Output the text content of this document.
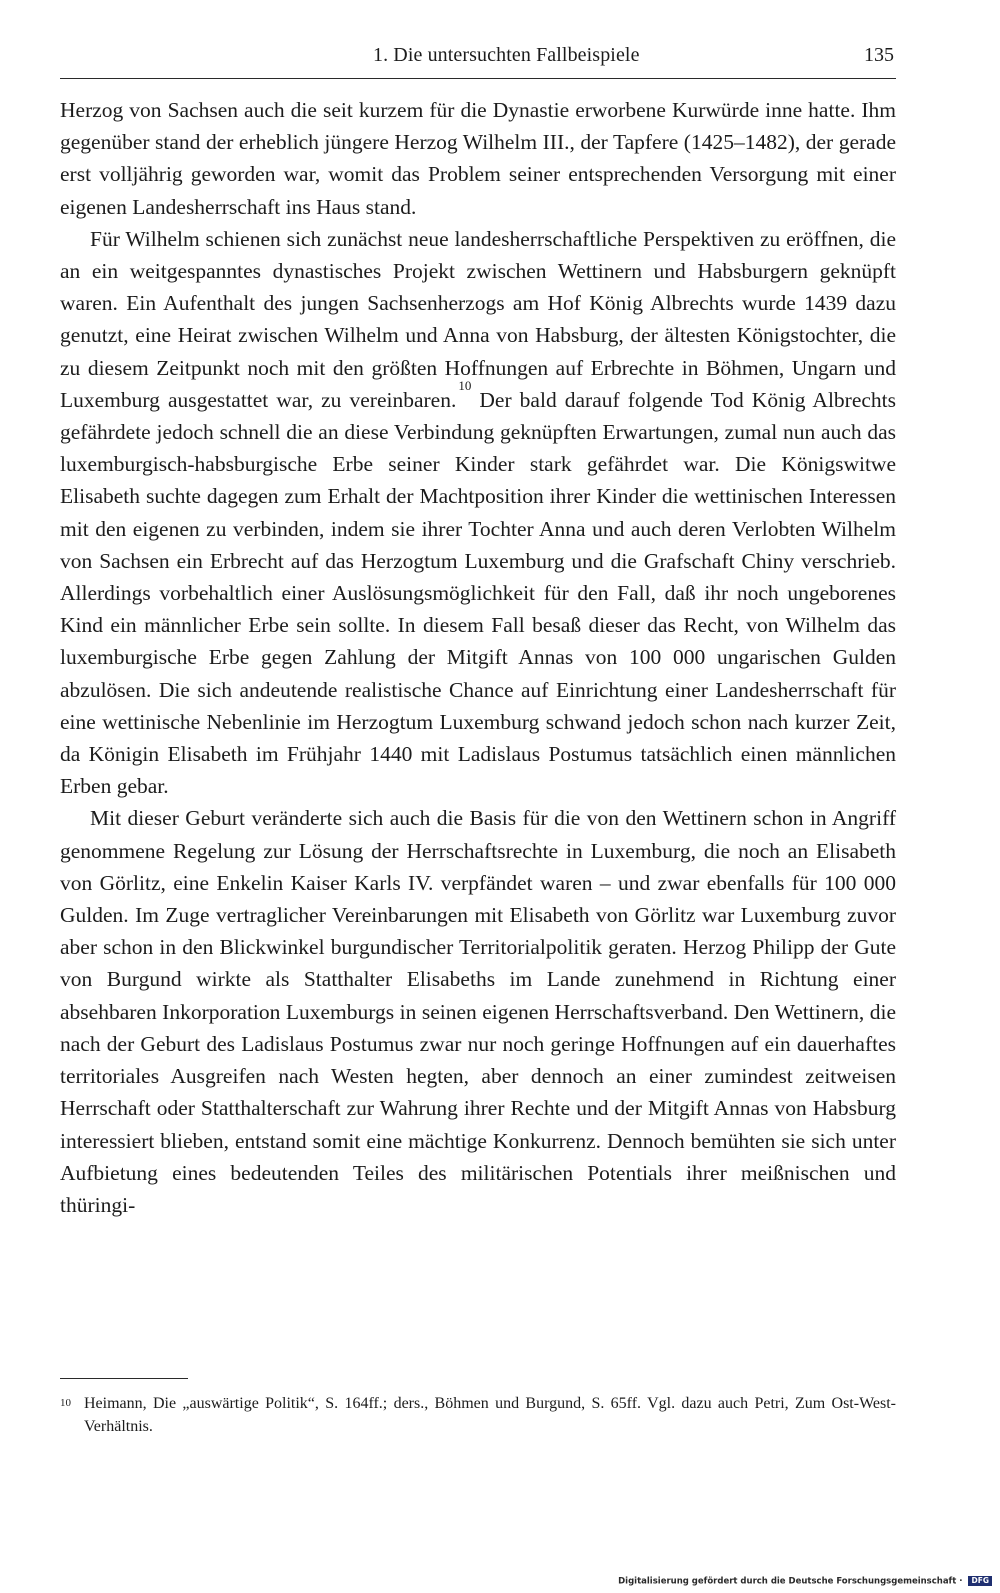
1. Die untersuchten Fallbeispiele	135

Herzog von Sachsen auch die seit kurzem für die Dynastie erworbene Kurwürde inne hatte. Ihm gegenüber stand der erheblich jüngere Herzog Wilhelm III., der Tapfere (1425–1482), der gerade erst volljährig geworden war, womit das Problem seiner entsprechenden Versorgung mit einer eigenen Landesherrschaft ins Haus stand.

Für Wilhelm schienen sich zunächst neue landesherrschaftliche Perspektiven zu eröffnen, die an ein weitgespanntes dynastisches Projekt zwischen Wettinern und Habsburgern geknüpft waren. Ein Aufenthalt des jungen Sachsenherzogs am Hof König Albrechts wurde 1439 dazu genutzt, eine Heirat zwischen Wilhelm und Anna von Habsburg, der ältesten Königstochter, die zu diesem Zeitpunkt noch mit den größten Hoffnungen auf Erbrechte in Böhmen, Ungarn und Luxemburg ausgestattet war, zu vereinbaren.$^{10}$ Der bald darauf folgende Tod König Albrechts gefährdete jedoch schnell die an diese Verbindung geknüpften Erwartungen, zumal nun auch das luxemburgisch-habsburgische Erbe seiner Kinder stark gefährdet war. Die Königswitwe Elisabeth suchte dagegen zum Erhalt der Machtposition ihrer Kinder die wettinischen Interessen mit den eigenen zu verbinden, indem sie ihrer Tochter Anna und auch deren Verlobten Wilhelm von Sachsen ein Erbrecht auf das Herzogtum Luxemburg und die Grafschaft Chiny verschrieb. Allerdings vorbehaltlich einer Auslösungsmöglichkeit für den Fall, daß ihr noch ungeborenes Kind ein männlicher Erbe sein sollte. In diesem Fall besaß dieser das Recht, von Wilhelm das luxemburgische Erbe gegen Zahlung der Mitgift Annas von 100 000 ungarischen Gulden abzulösen. Die sich andeutende realistische Chance auf Einrichtung einer Landesherrschaft für eine wettinische Nebenlinie im Herzogtum Luxemburg schwand jedoch schon nach kurzer Zeit, da Königin Elisabeth im Frühjahr 1440 mit Ladislaus Postumus tatsächlich einen männlichen Erben gebar.

Mit dieser Geburt veränderte sich auch die Basis für die von den Wettinern schon in Angriff genommene Regelung zur Lösung der Herrschaftsrechte in Luxemburg, die noch an Elisabeth von Görlitz, eine Enkelin Kaiser Karls IV. verpfändet waren – und zwar ebenfalls für 100 000 Gulden. Im Zuge vertraglicher Vereinbarungen mit Elisabeth von Görlitz war Luxemburg zuvor aber schon in den Blickwinkel burgundischer Territorialpolitik geraten. Herzog Philipp der Gute von Burgund wirkte als Statthalter Elisabeths im Lande zunehmend in Richtung einer absehbaren Inkorporation Luxemburgs in seinen eigenen Herrschaftsverband. Den Wettinern, die nach der Geburt des Ladislaus Postumus zwar nur noch geringe Hoffnungen auf ein dauerhaftes territoriales Ausgreifen nach Westen hegten, aber dennoch an einer zumindest zeitweisen Herrschaft oder Statthalterschaft zur Wahrung ihrer Rechte und der Mitgift Annas von Habsburg interessiert blieben, entstand somit eine mächtige Konkurrenz. Dennoch bemühten sie sich unter Aufbietung eines bedeutenden Teiles des militärischen Potentials ihrer meißnischen und thüringi-

10 Heimann, Die „auswärtige Politik“, S. 164ff.; ders., Böhmen und Burgund, S. 65ff. Vgl. dazu auch Petri, Zum Ost-West-Verhältnis.
Digitalisierung gefördert durch die Deutsche Forschungsgemeinschaft · DFG
